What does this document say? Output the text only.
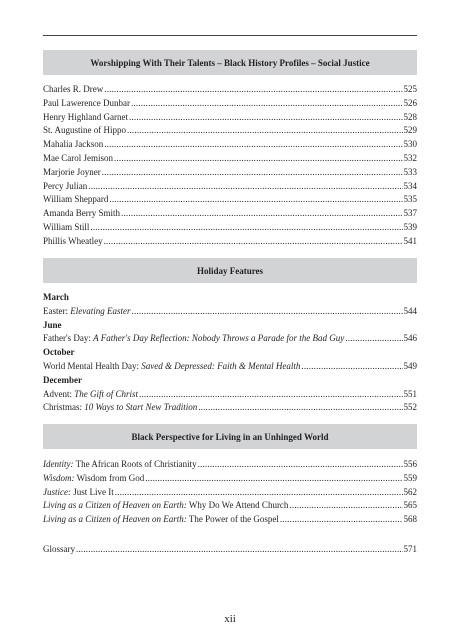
Worshipping With Their Talents – Black History Profiles – Social Justice
Charles R. Drew .....	525
Paul Lawerence Dunbar .....	526
Henry Highland Garnet .....	528
St. Augustine of Hippo .....	529
Mahalia Jackson .....	530
Mae Carol Jemison .....	532
Marjorie Joyner .....	533
Percy Julian .....	534
William Sheppard .....	535
Amanda Berry Smith .....	537
William Still .....	539
Phillis Wheatley .....	541
Holiday Features
March
Easter: Elevating Easter .....	544
June
Father's Day: A Father's Day Reflection: Nobody Throws a Parade for the Bad Guy .....	546
October
World Mental Health Day: Saved & Depressed: Faith & Mental Health .....	549
December
Advent: The Gift of Christ .....	551
Christmas: 10 Ways to Start New Tradition .....	552
Black Perspective for Living in an Unhinged World
Identity: The African Roots of Christianity .....	556
Wisdom: Wisdom from God .....	559
Justice: Just Live It .....	562
Living as a Citizen of Heaven on Earth: Why Do We Attend Church .....	565
Living as a Citizen of Heaven on Earth: The Power of the Gospel .....	568
Glossary .....	571
xii
